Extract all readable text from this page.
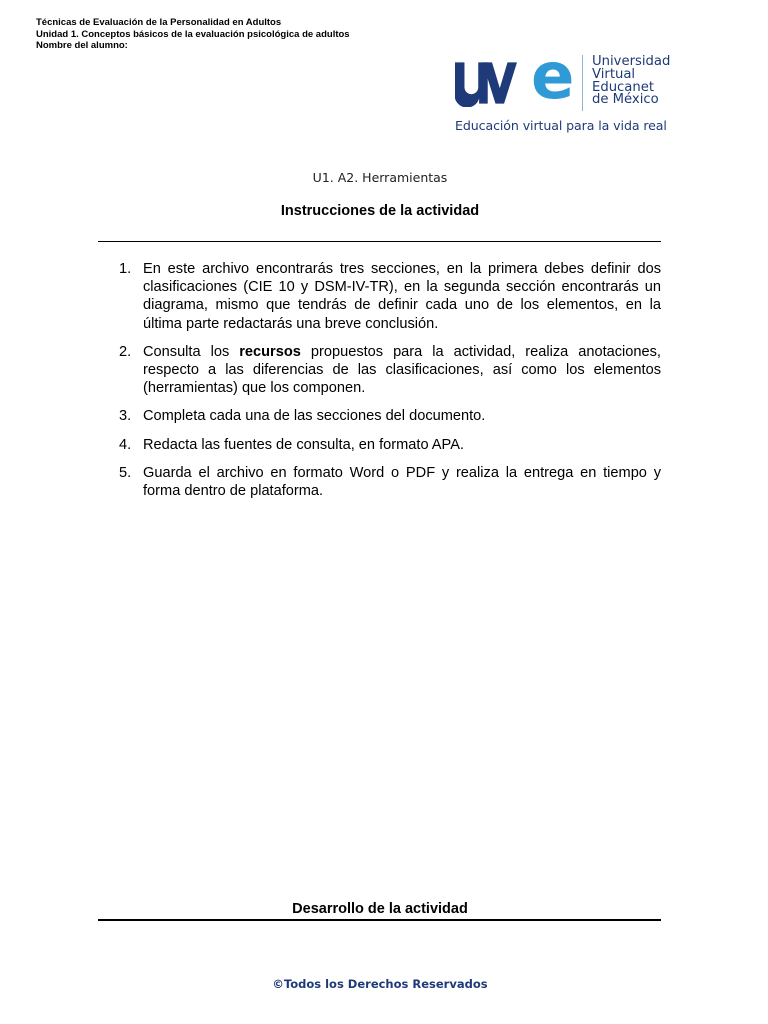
Técnicas de Evaluación de la Personalidad en Adultos
Unidad 1. Conceptos básicos de la evaluación psicológica de adultos
Nombre del alumno:	e Universidad
Virtual
Educanet
de México
Educación virtual para la vida real
U1. A2. Herramientas
Instrucciones de la actividad
1. En este archivo encontrarás tres secciones, en la primera debes definir dos clasificaciones (CIE 10 y DSM-IV-TR), en la segunda sección encontrarás un diagrama, mismo que tendrás de definir cada uno de los elementos, en la última parte redactarás una breve conclusión.
2. Consulta los recursos propuestos para la actividad, realiza anotaciones, respecto a las diferencias de las clasificaciones, así como los elementos (herramientas) que los componen.
3. Completa cada una de las secciones del documento.
4. Redacta las fuentes de consulta, en formato APA.
5. Guarda el archivo en formato Word o PDF y realiza la entrega en tiempo y forma dentro de plataforma.
Desarrollo de la actividad
©Todos los Derechos Reservados
